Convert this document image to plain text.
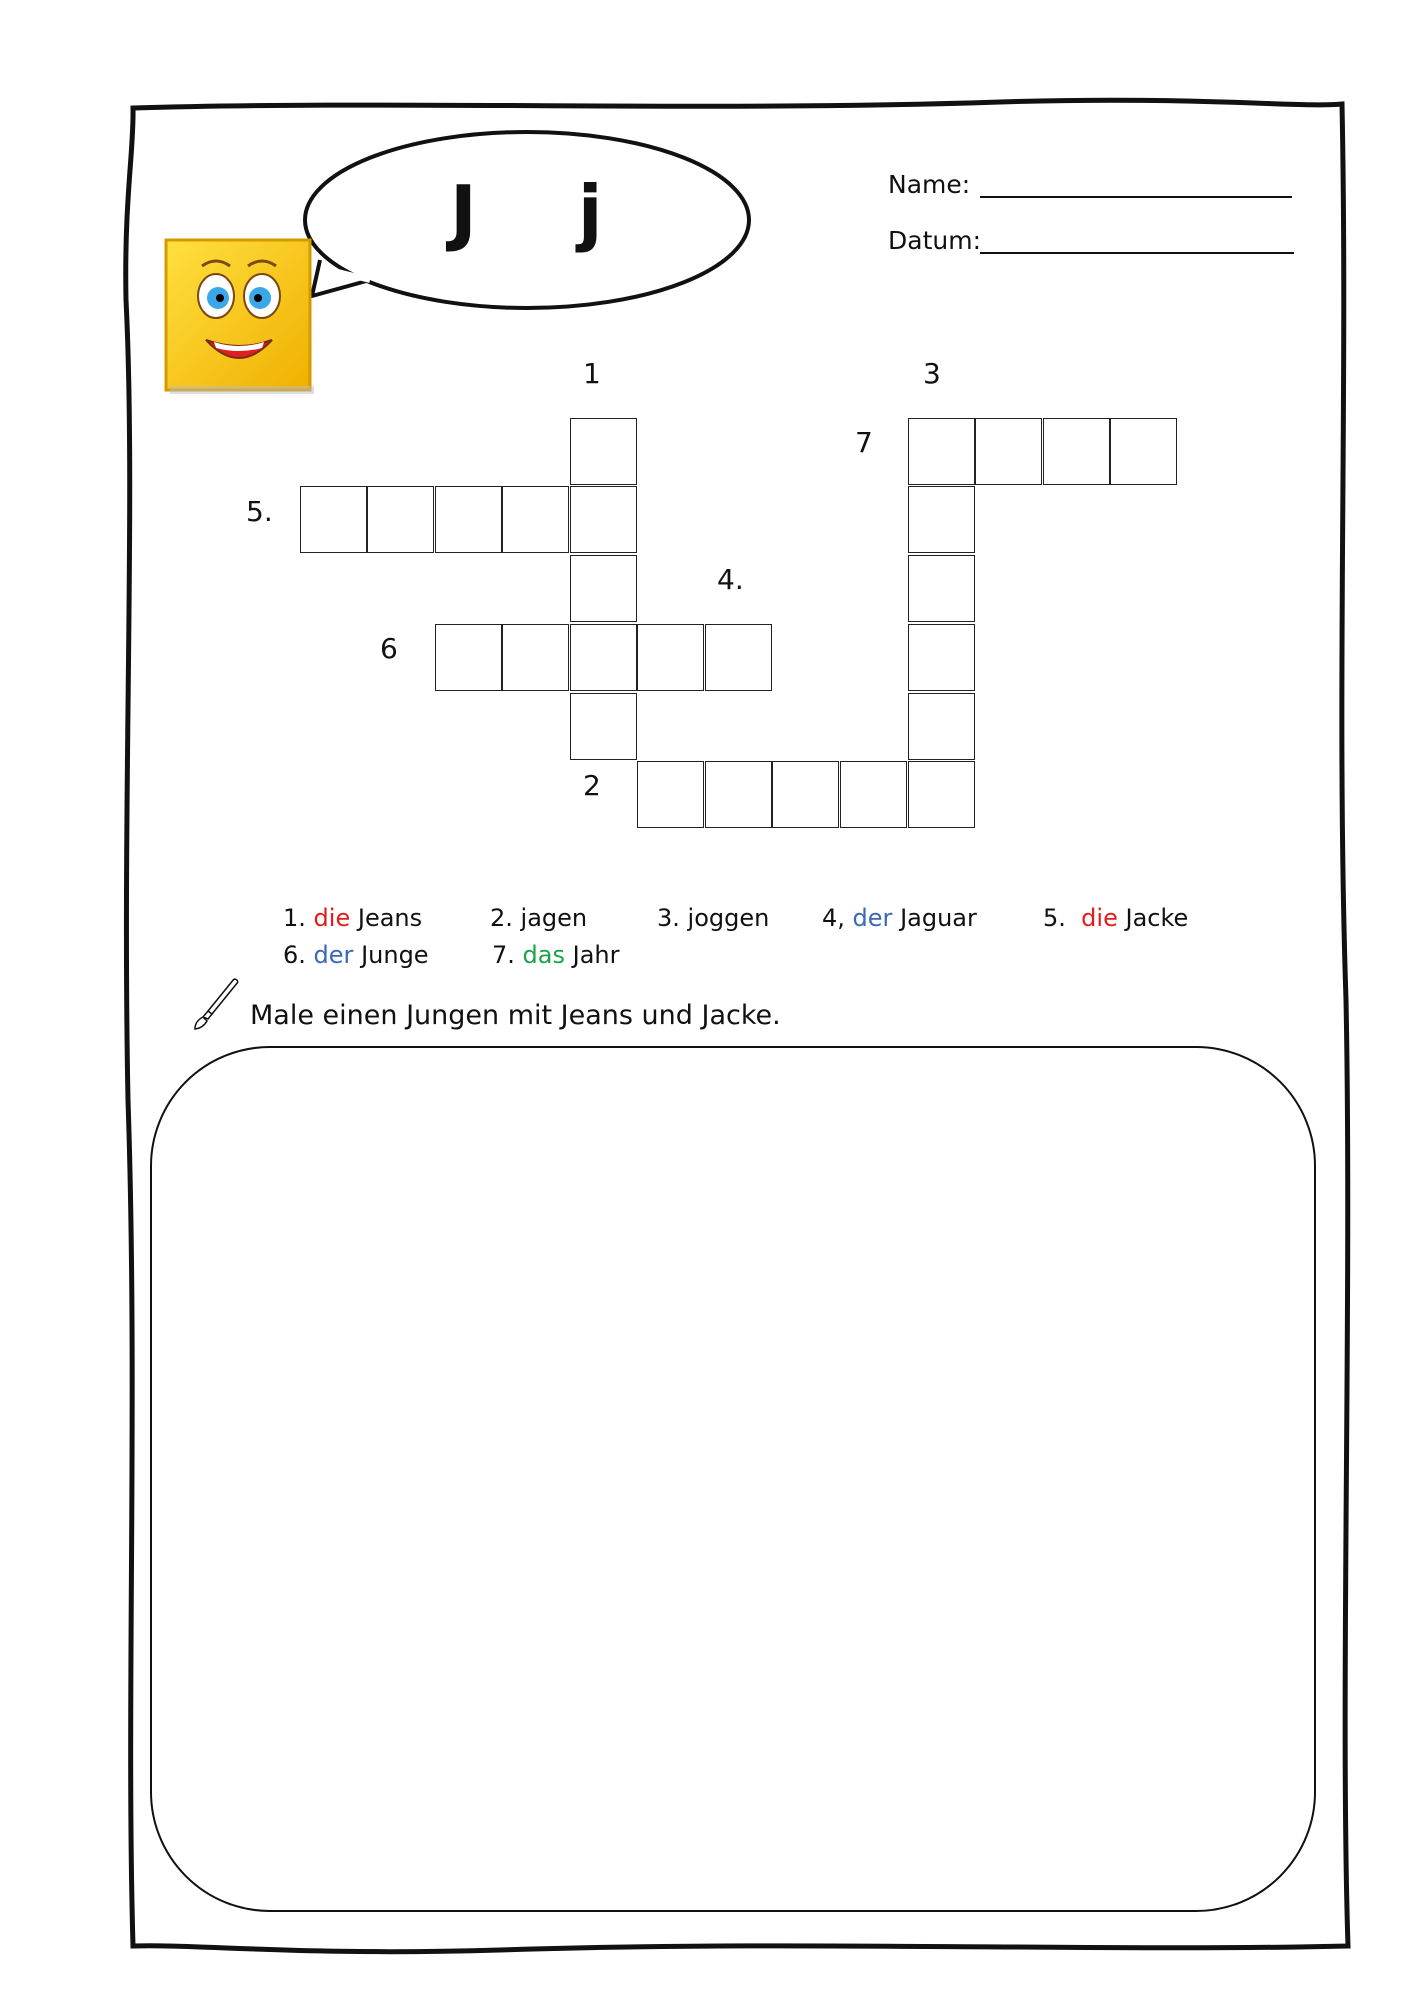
J j	Name:
Datum:
1	3
7
5.
4.
6
2
1. die Jeans	2. jagen	3. joggen 4, der Jaguar	5. die Jacke
6. der Junge	7. das Jahr
Male einen Jungen mit Jeans und Jacke.
